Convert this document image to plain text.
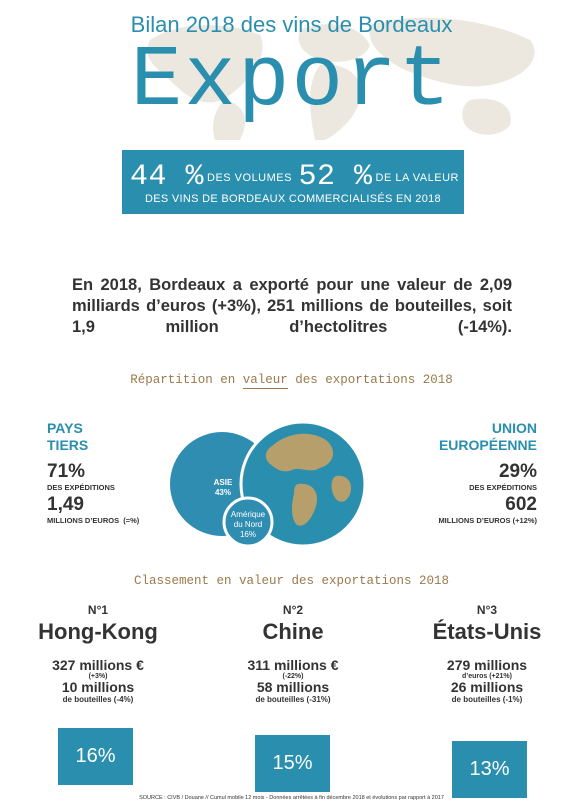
Bilan 2018 des vins de Bordeaux
Export
44 % DES VOLUMES 52 % DE LA VALEUR
DES VINS DE BORDEAUX COMMERCIALISÉS EN 2018
En 2018, Bordeaux a exporté pour une valeur de 2,09 milliards d’euros (+3%), 251 millions de bouteilles, soit 1,9 million d’hectolitres (-14%).
Répartition en valeur des exportations 2018
PAYS
TIERS
71%
DES EXPÉDITIONS
1,49
MILLIONS D’EUROS (=%)
UNION
EUROPÉENNE
29%
DES EXPÉDITIONS
602
MILLIONS D’EUROS (+12%)
ASIE
43%
Amérique
du Nord
16%
Classement en valeur des exportations 2018
N°1
Hong-Kong
327 millions €
(+3%)
10 millions
de bouteilles (-4%)
N°2
Chine
311 millions €
(-22%)
58 millions
de bouteilles (-31%)
N°3
États-Unis
279 millions
d’euros (+21%)
26 millions
de bouteilles (-1%)
16%	15%	13%
SOURCE : CIVB / Douane // Cumul mobile 12 mois - Données arrêtées à fin décembre 2018 et évolutions par rapport à 2017
